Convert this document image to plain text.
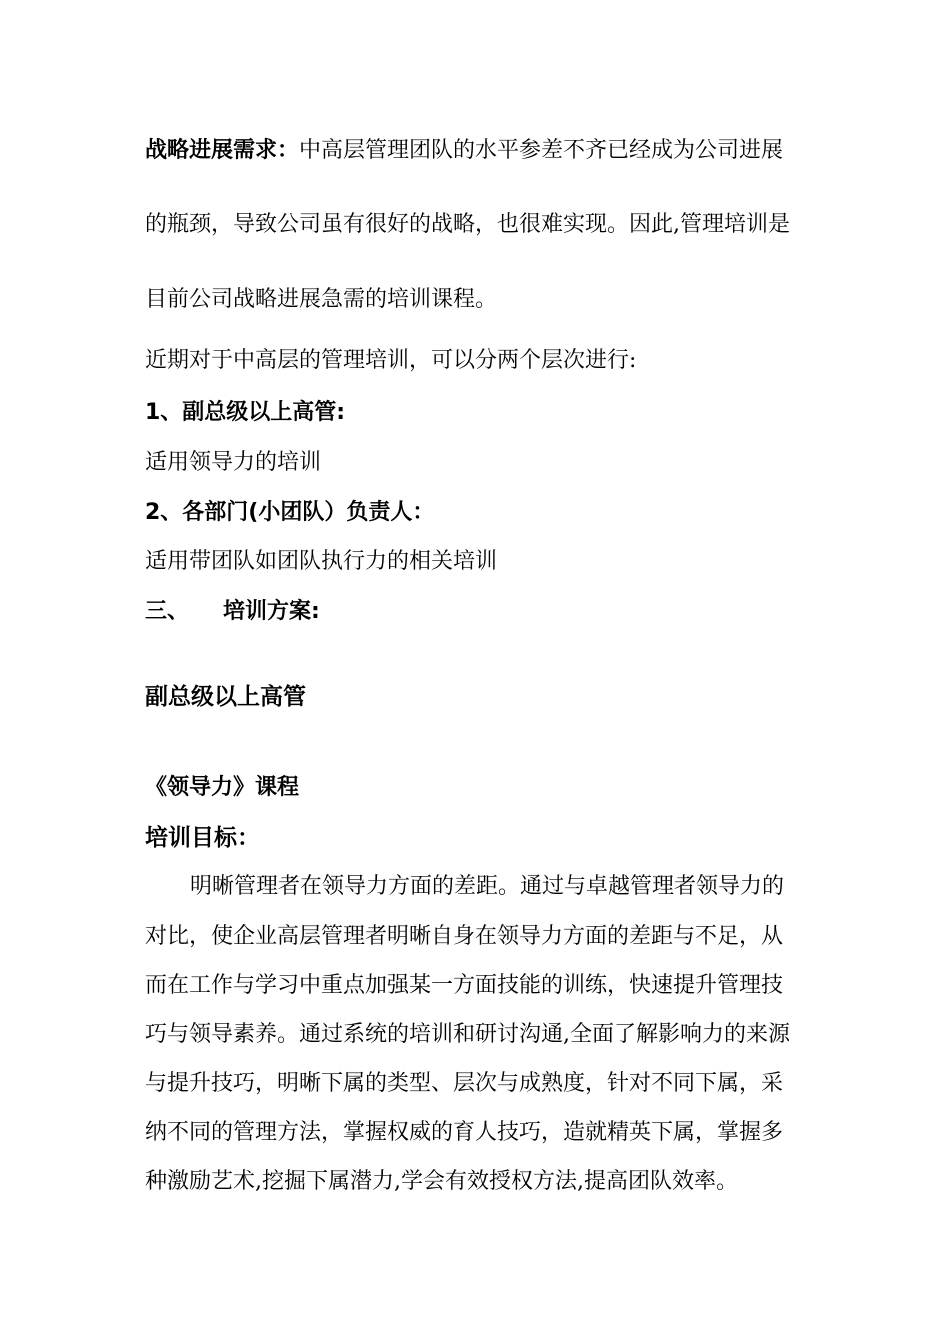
战略进展需求：中高层管理团队的水平参差不齐已经成为公司进展
的瓶颈，导致公司虽有很好的战略，也很难实现。因此,管理培训是
目前公司战略进展急需的培训课程。
近期对于中高层的管理培训，可以分两个层次进行:
1、副总级以上高管:
适用领导力的培训
2、各部门(小团队）负责人：
适用带团队如团队执行力的相关培训
三、 培训方案:
副总级以上高管
《领导力》课程
培训目标：
明晰管理者在领导力方面的差距。通过与卓越管理者领导力的
对比，使企业高层管理者明晰自身在领导力方面的差距与不足，从
而在工作与学习中重点加强某一方面技能的训练，快速提升管理技
巧与领导素养。通过系统的培训和研讨沟通,全面了解影响力的来源
与提升技巧，明晰下属的类型、层次与成熟度，针对不同下属，采
纳不同的管理方法，掌握权威的育人技巧，造就精英下属，掌握多
种激励艺术,挖掘下属潜力,学会有效授权方法,提高团队效率。
